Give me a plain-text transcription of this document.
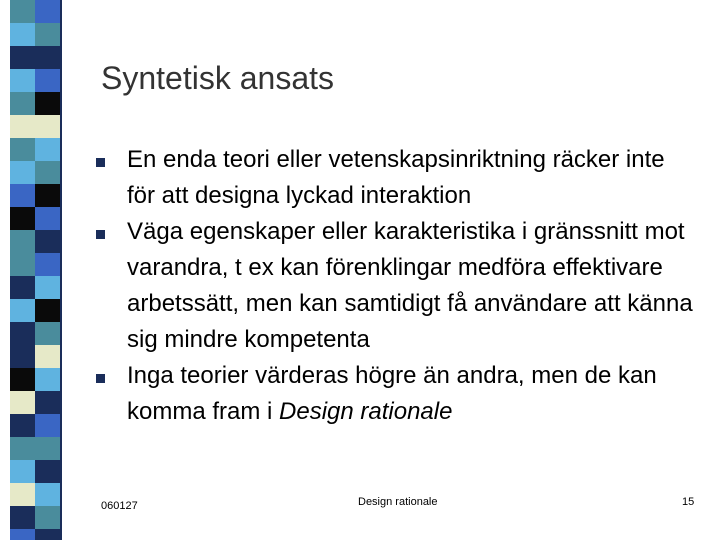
Syntetisk ansats
En enda teori eller vetenskapsinriktning räcker inte för att designa lyckad interaktion
Väga egenskaper eller karakteristika i gränssnitt mot varandra, t ex kan förenklingar medföra effektivare arbetssätt, men kan samtidigt få användare att känna sig mindre kompetenta
Inga teorier värderas högre än andra, men de kan komma fram i Design rationale
060127	Design rationale	15
